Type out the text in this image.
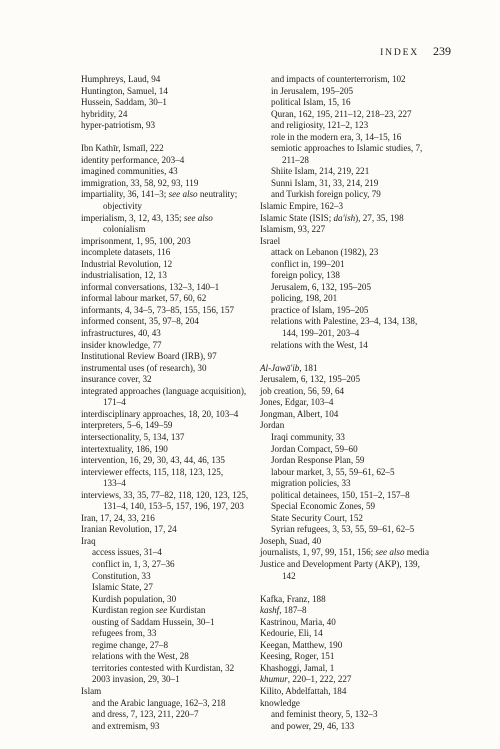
INDEX 239
Humphreys, Laud, 94
Huntington, Samuel, 14
Hussein, Saddam, 30–1
hybridity, 24
hyper-patriotism, 93
Ibn Kathīr, Ismaīl, 222
identity performance, 203–4
imagined communities, 43
immigration, 33, 58, 92, 93, 119
impartiality, 36, 141–3; see also neutrality;
objectivity
imperialism, 3, 12, 43, 135; see also
colonialism
imprisonment, 1, 95, 100, 203
incomplete datasets, 116
Industrial Revolution, 12
industrialisation, 12, 13
informal conversations, 132–3, 140–1
informal labour market, 57, 60, 62
informants, 4, 34–5, 73–85, 155, 156, 157
informed consent, 35, 97–8, 204
infrastructures, 40, 43
insider knowledge, 77
Institutional Review Board (IRB), 97
instrumental uses (of research), 30
insurance cover, 32
integrated approaches (language acquisition),
171–4
interdisciplinary approaches, 18, 20, 103–4
interpreters, 5–6, 149–59
intersectionality, 5, 134, 137
intertextuality, 186, 190
intervention, 16, 29, 30, 43, 44, 46, 135
interviewer effects, 115, 118, 123, 125,
133–4
interviews, 33, 35, 77–82, 118, 120, 123, 125,
131–4, 140, 153–5, 157, 196, 197, 203
Iran, 17, 24, 33, 216
Iranian Revolution, 17, 24
Iraq
access issues, 31–4
conflict in, 1, 3, 27–36
Constitution, 33
Islamic State, 27
Kurdish population, 30
Kurdistan region see Kurdistan
ousting of Saddam Hussein, 30–1
refugees from, 33
regime change, 27–8
relations with the West, 28
territories contested with Kurdistan, 32
2003 invasion, 29, 30–1
Islam
and the Arabic language, 162–3, 218
and dress, 7, 123, 211, 220–7
and extremism, 93
and impacts of counterterrorism, 102
in Jerusalem, 195–205
political Islam, 15, 16
Quran, 162, 195, 211–12, 218–23, 227
and religiosity, 121–2, 123
role in the modern era, 3, 14–15, 16
semiotic approaches to Islamic studies, 7,
211–28
Shiite Islam, 214, 219, 221
Sunni Islam, 31, 33, 214, 219
and Turkish foreign policy, 79
Islamic Empire, 162–3
Islamic State (ISIS; da'ish), 27, 35, 198
Islamism, 93, 227
Israel
attack on Lebanon (1982), 23
conflict in, 199–201
foreign policy, 138
Jerusalem, 6, 132, 195–205
policing, 198, 201
practice of Islam, 195–205
relations with Palestine, 23–4, 134, 138,
144, 199–201, 203–4
relations with the West, 14
Al-Jawā'ib, 181
Jerusalem, 6, 132, 195–205
job creation, 56, 59, 64
Jones, Edgar, 103–4
Jongman, Albert, 104
Jordan
Iraqi community, 33
Jordan Compact, 59–60
Jordan Response Plan, 59
labour market, 3, 55, 59–61, 62–5
migration policies, 33
political detainees, 150, 151–2, 157–8
Special Economic Zones, 59
State Security Court, 152
Syrian refugees, 3, 53, 55, 59–61, 62–5
Joseph, Suad, 40
journalists, 1, 97, 99, 151, 156; see also media
Justice and Development Party (AKP), 139,
142
Kafka, Franz, 188
kashf, 187–8
Kastrinou, Maria, 40
Kedourie, Eli, 14
Keegan, Matthew, 190
Keesing, Roger, 151
Khashoggi, Jamal, 1
khumur, 220–1, 222, 227
Kilito, Abdelfattah, 184
knowledge
and feminist theory, 5, 132–3
and power, 29, 46, 133
